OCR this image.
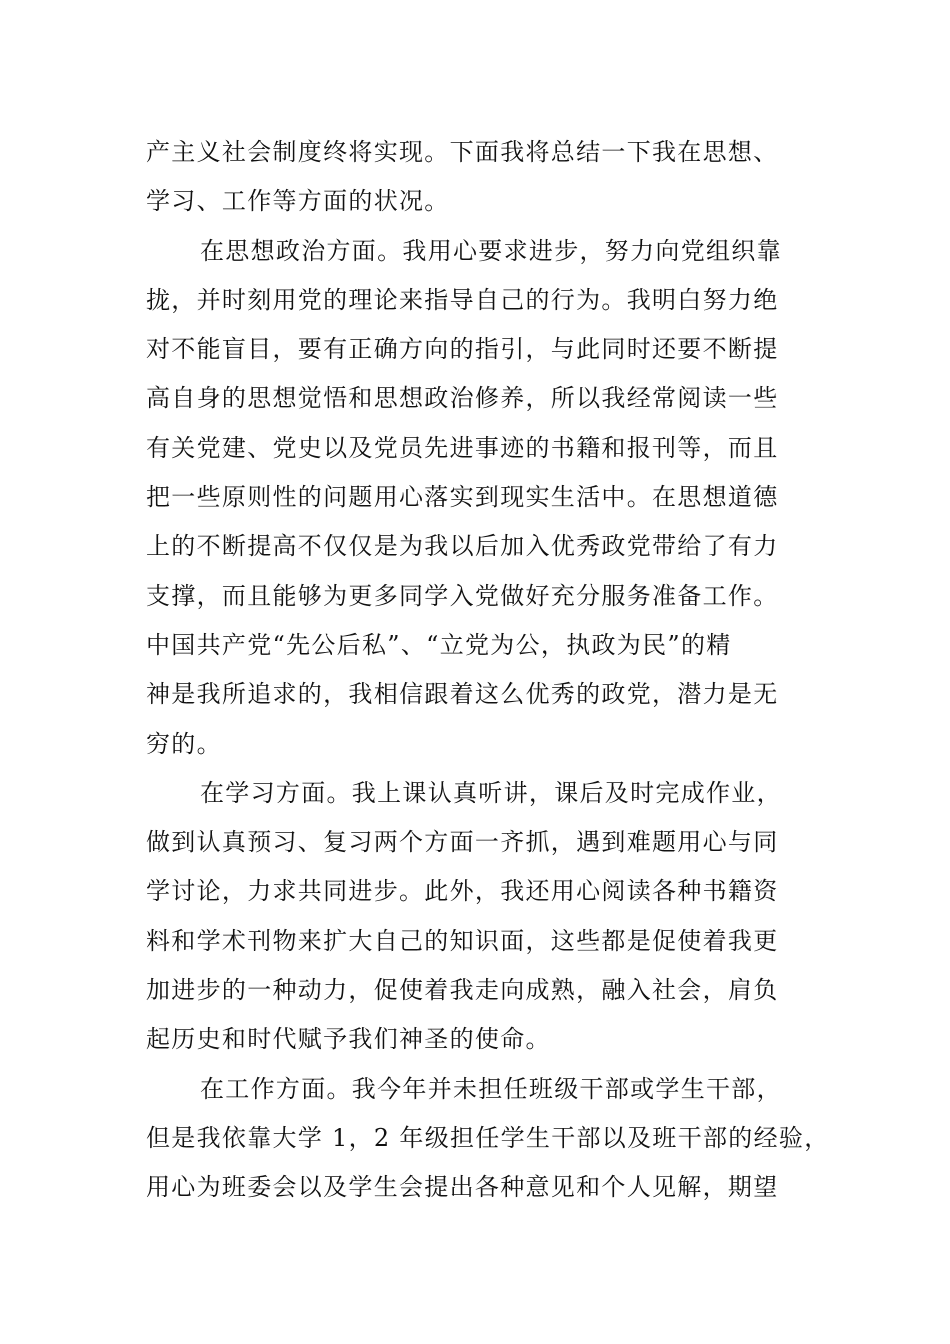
产主义社会制度终将实现。下面我将总结一下我在思想、
学习、工作等方面的状况。
在思想政治方面。我用心要求进步，努力向党组织靠
拢，并时刻用党的理论来指导自己的行为。我明白努力绝
对不能盲目，要有正确方向的指引，与此同时还要不断提
高自身的思想觉悟和思想政治修养，所以我经常阅读一些
有关党建、党史以及党员先进事迹的书籍和报刊等，而且
把一些原则性的问题用心落实到现实生活中。在思想道德
上的不断提高不仅仅是为我以后加入优秀政党带给了有力
支撑，而且能够为更多同学入党做好充分服务准备工作。
中国共产党“先公后私”、“立党为公，执政为民”的精
神是我所追求的，我相信跟着这么优秀的政党，潜力是无
穷的。
在学习方面。我上课认真听讲，课后及时完成作业，
做到认真预习、复习两个方面一齐抓，遇到难题用心与同
学讨论，力求共同进步。此外，我还用心阅读各种书籍资
料和学术刊物来扩大自己的知识面，这些都是促使着我更
加进步的一种动力，促使着我走向成熟，融入社会，肩负
起历史和时代赋予我们神圣的使命。
在工作方面。我今年并未担任班级干部或学生干部，
但是我依靠大学 1，2 年级担任学生干部以及班干部的经验，
用心为班委会以及学生会提出各种意见和个人见解，期望
